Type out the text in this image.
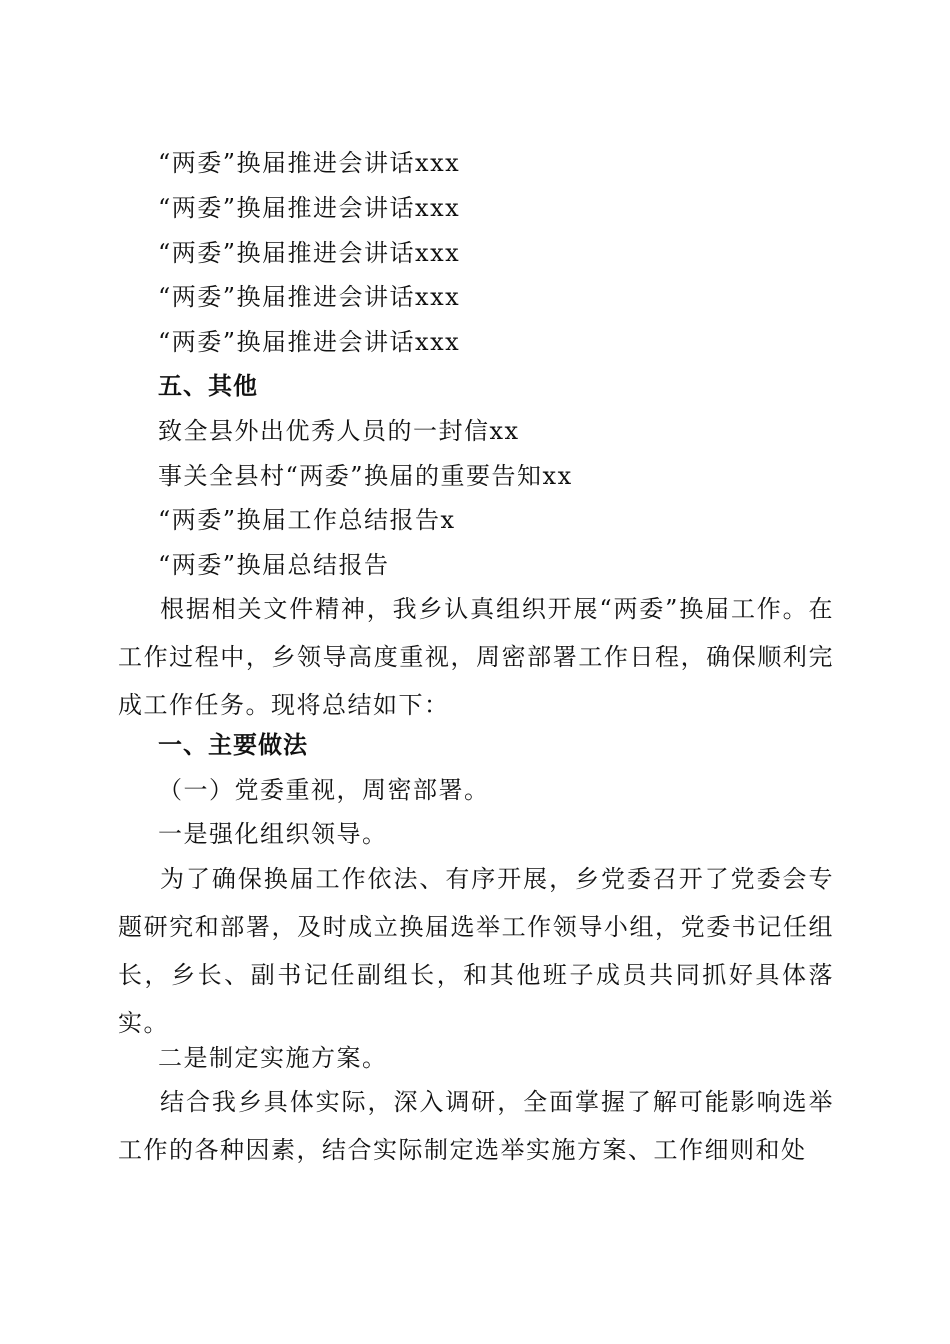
“两委”换届推进会讲话xxx
“两委”换届推进会讲话xxx
“两委”换届推进会讲话xxx
“两委”换届推进会讲话xxx
“两委”换届推进会讲话xxx
五、其他
致全县外出优秀人员的一封信xx
事关全县村“两委”换届的重要告知xx
“两委”换届工作总结报告x
“两委”换届总结报告
根据相关文件精神，我乡认真组织开展“两委”换届工作。在工作过程中，乡领导高度重视，周密部署工作日程，确保顺利完成工作任务。现将总结如下：
一、主要做法
（一）党委重视，周密部署。
一是强化组织领导。
为了确保换届工作依法、有序开展，乡党委召开了党委会专题研究和部署，及时成立换届选举工作领导小组，党委书记任组长，乡长、副书记任副组长，和其他班子成员共同抓好具体落实。
二是制定实施方案。
结合我乡具体实际，深入调研，全面掌握了解可能影响选举工作的各种因素，结合实际制定选举实施方案、工作细则和处
